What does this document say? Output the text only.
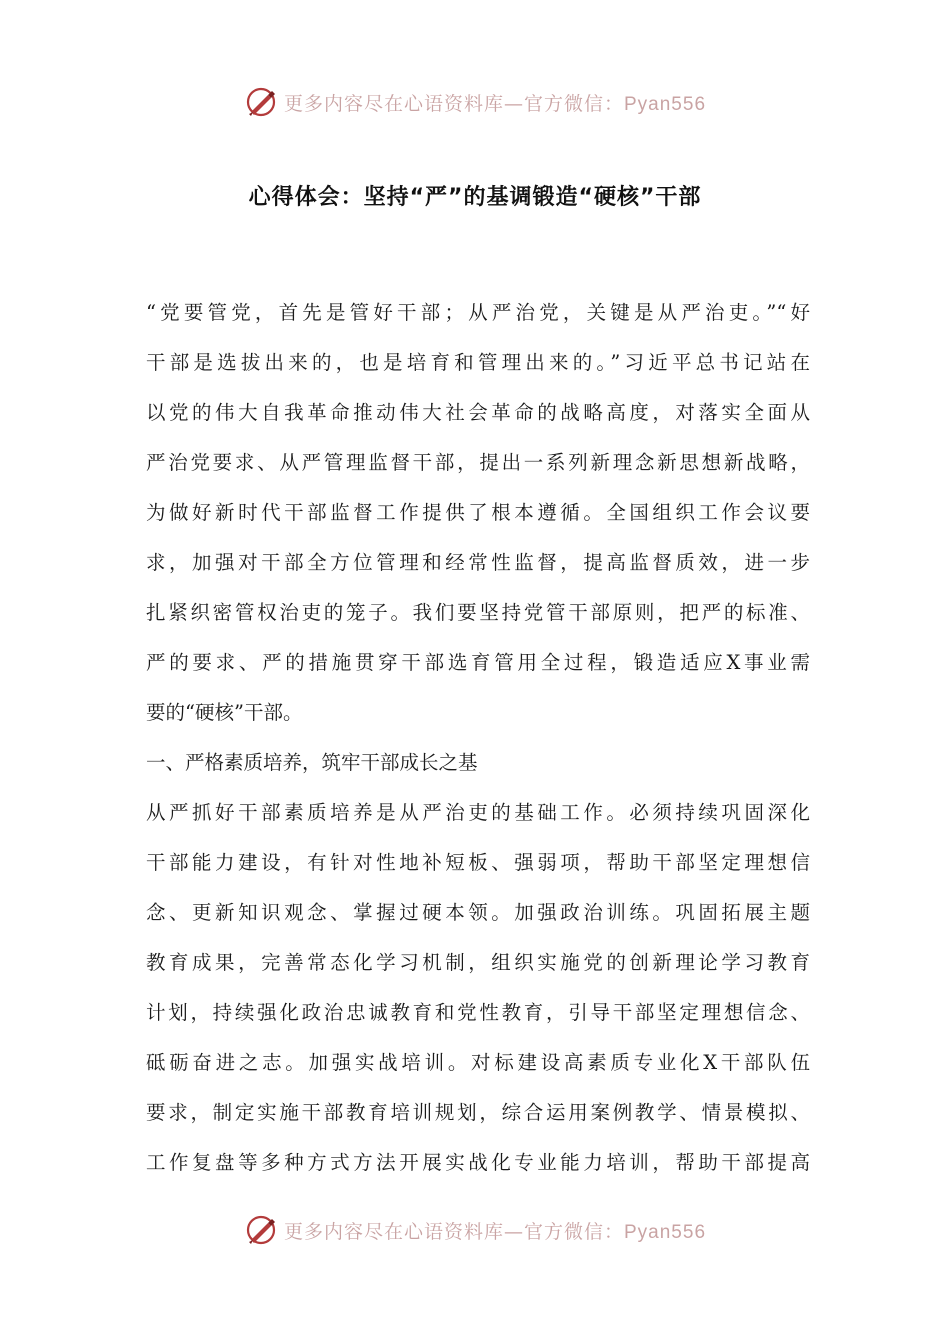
更多内容尽在心语资料库—官方微信：Pyan556
心得体会：坚持“严”的基调锻造“硬核”干部
“党要管党，首先是管好干部；从严治党，关键是从严治吏。”“好
干部是选拔出来的，也是培育和管理出来的。”习近平总书记站在
以党的伟大自我革命推动伟大社会革命的战略高度，对落实全面从
严治党要求、从严管理监督干部，提出一系列新理念新思想新战略，
为做好新时代干部监督工作提供了根本遵循。全国组织工作会议要
求，加强对干部全方位管理和经常性监督，提高监督质效，进一步
扎紧织密管权治吏的笼子。我们要坚持党管干部原则，把严的标准、
严的要求、严的措施贯穿干部选育管用全过程，锻造适应X事业需
要的“硬核”干部。
一、严格素质培养，筑牢干部成长之基
从严抓好干部素质培养是从严治吏的基础工作。必须持续巩固深化
干部能力建设，有针对性地补短板、强弱项，帮助干部坚定理想信
念、更新知识观念、掌握过硬本领。加强政治训练。巩固拓展主题
教育成果，完善常态化学习机制，组织实施党的创新理论学习教育
计划，持续强化政治忠诚教育和党性教育，引导干部坚定理想信念、
砥砺奋进之志。加强实战培训。对标建设高素质专业化X干部队伍
要求，制定实施干部教育培训规划，综合运用案例教学、情景模拟、
工作复盘等多种方式方法开展实战化专业能力培训，帮助干部提高
更多内容尽在心语资料库—官方微信：Pyan556
